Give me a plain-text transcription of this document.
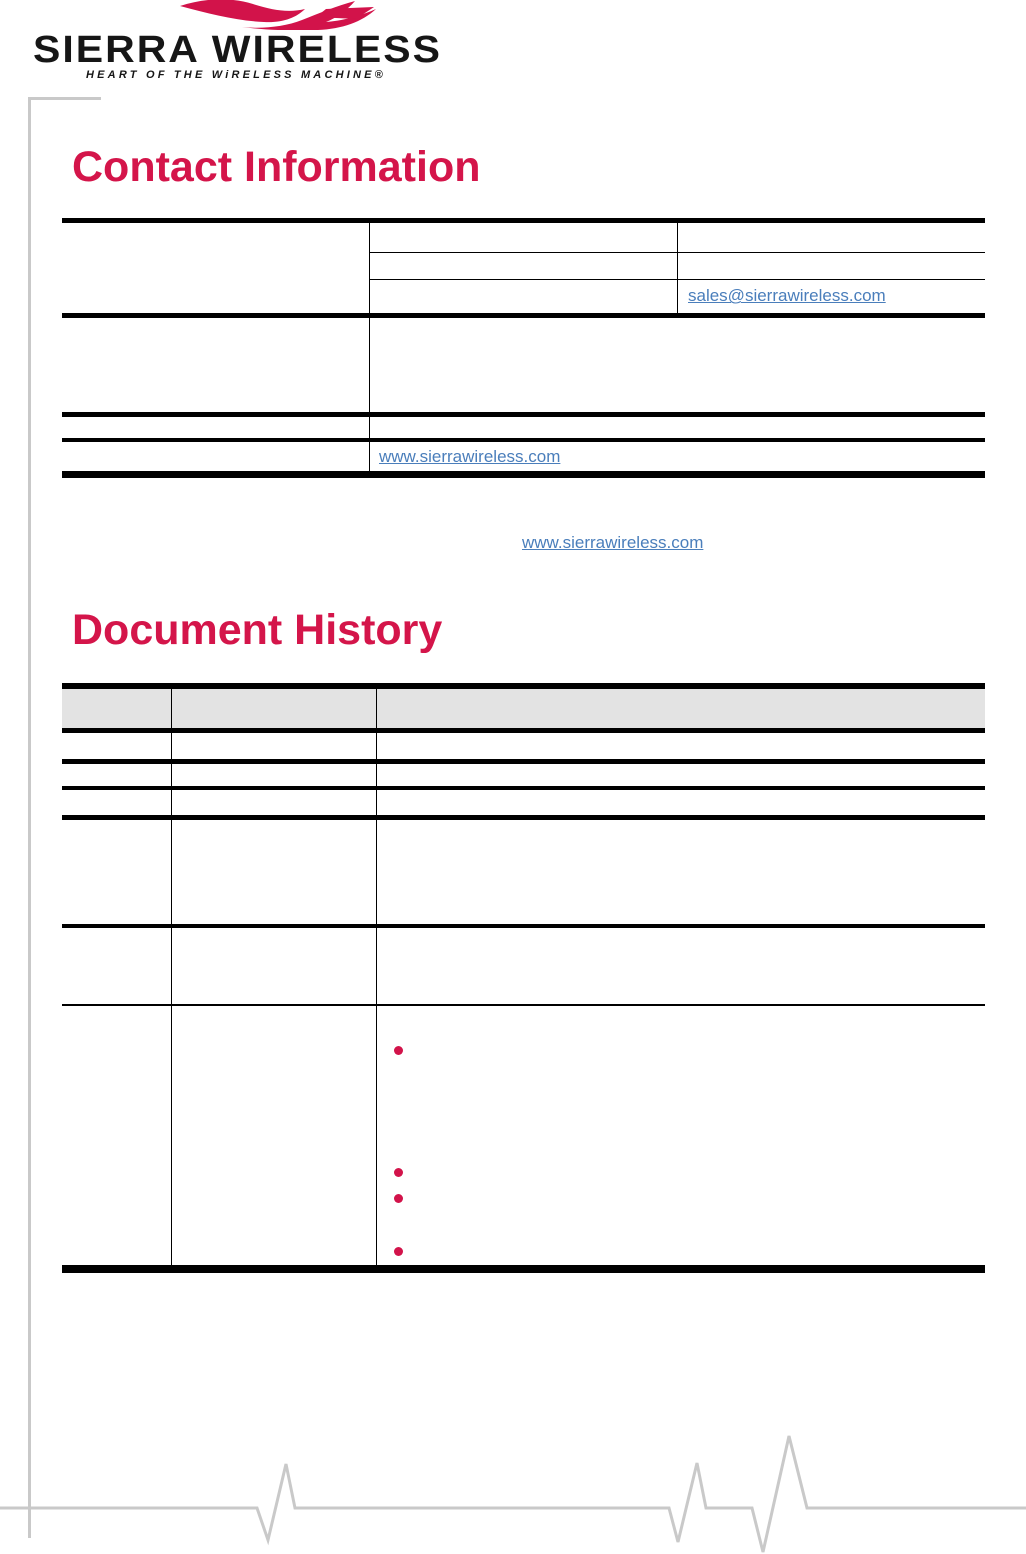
SIERRA WIRELESS
HEART OF THE WiRELESS MACHINE®
Contact Information
sales@sierrawireless.com
www.sierrawireless.com
www.sierrawireless.com
Document History
